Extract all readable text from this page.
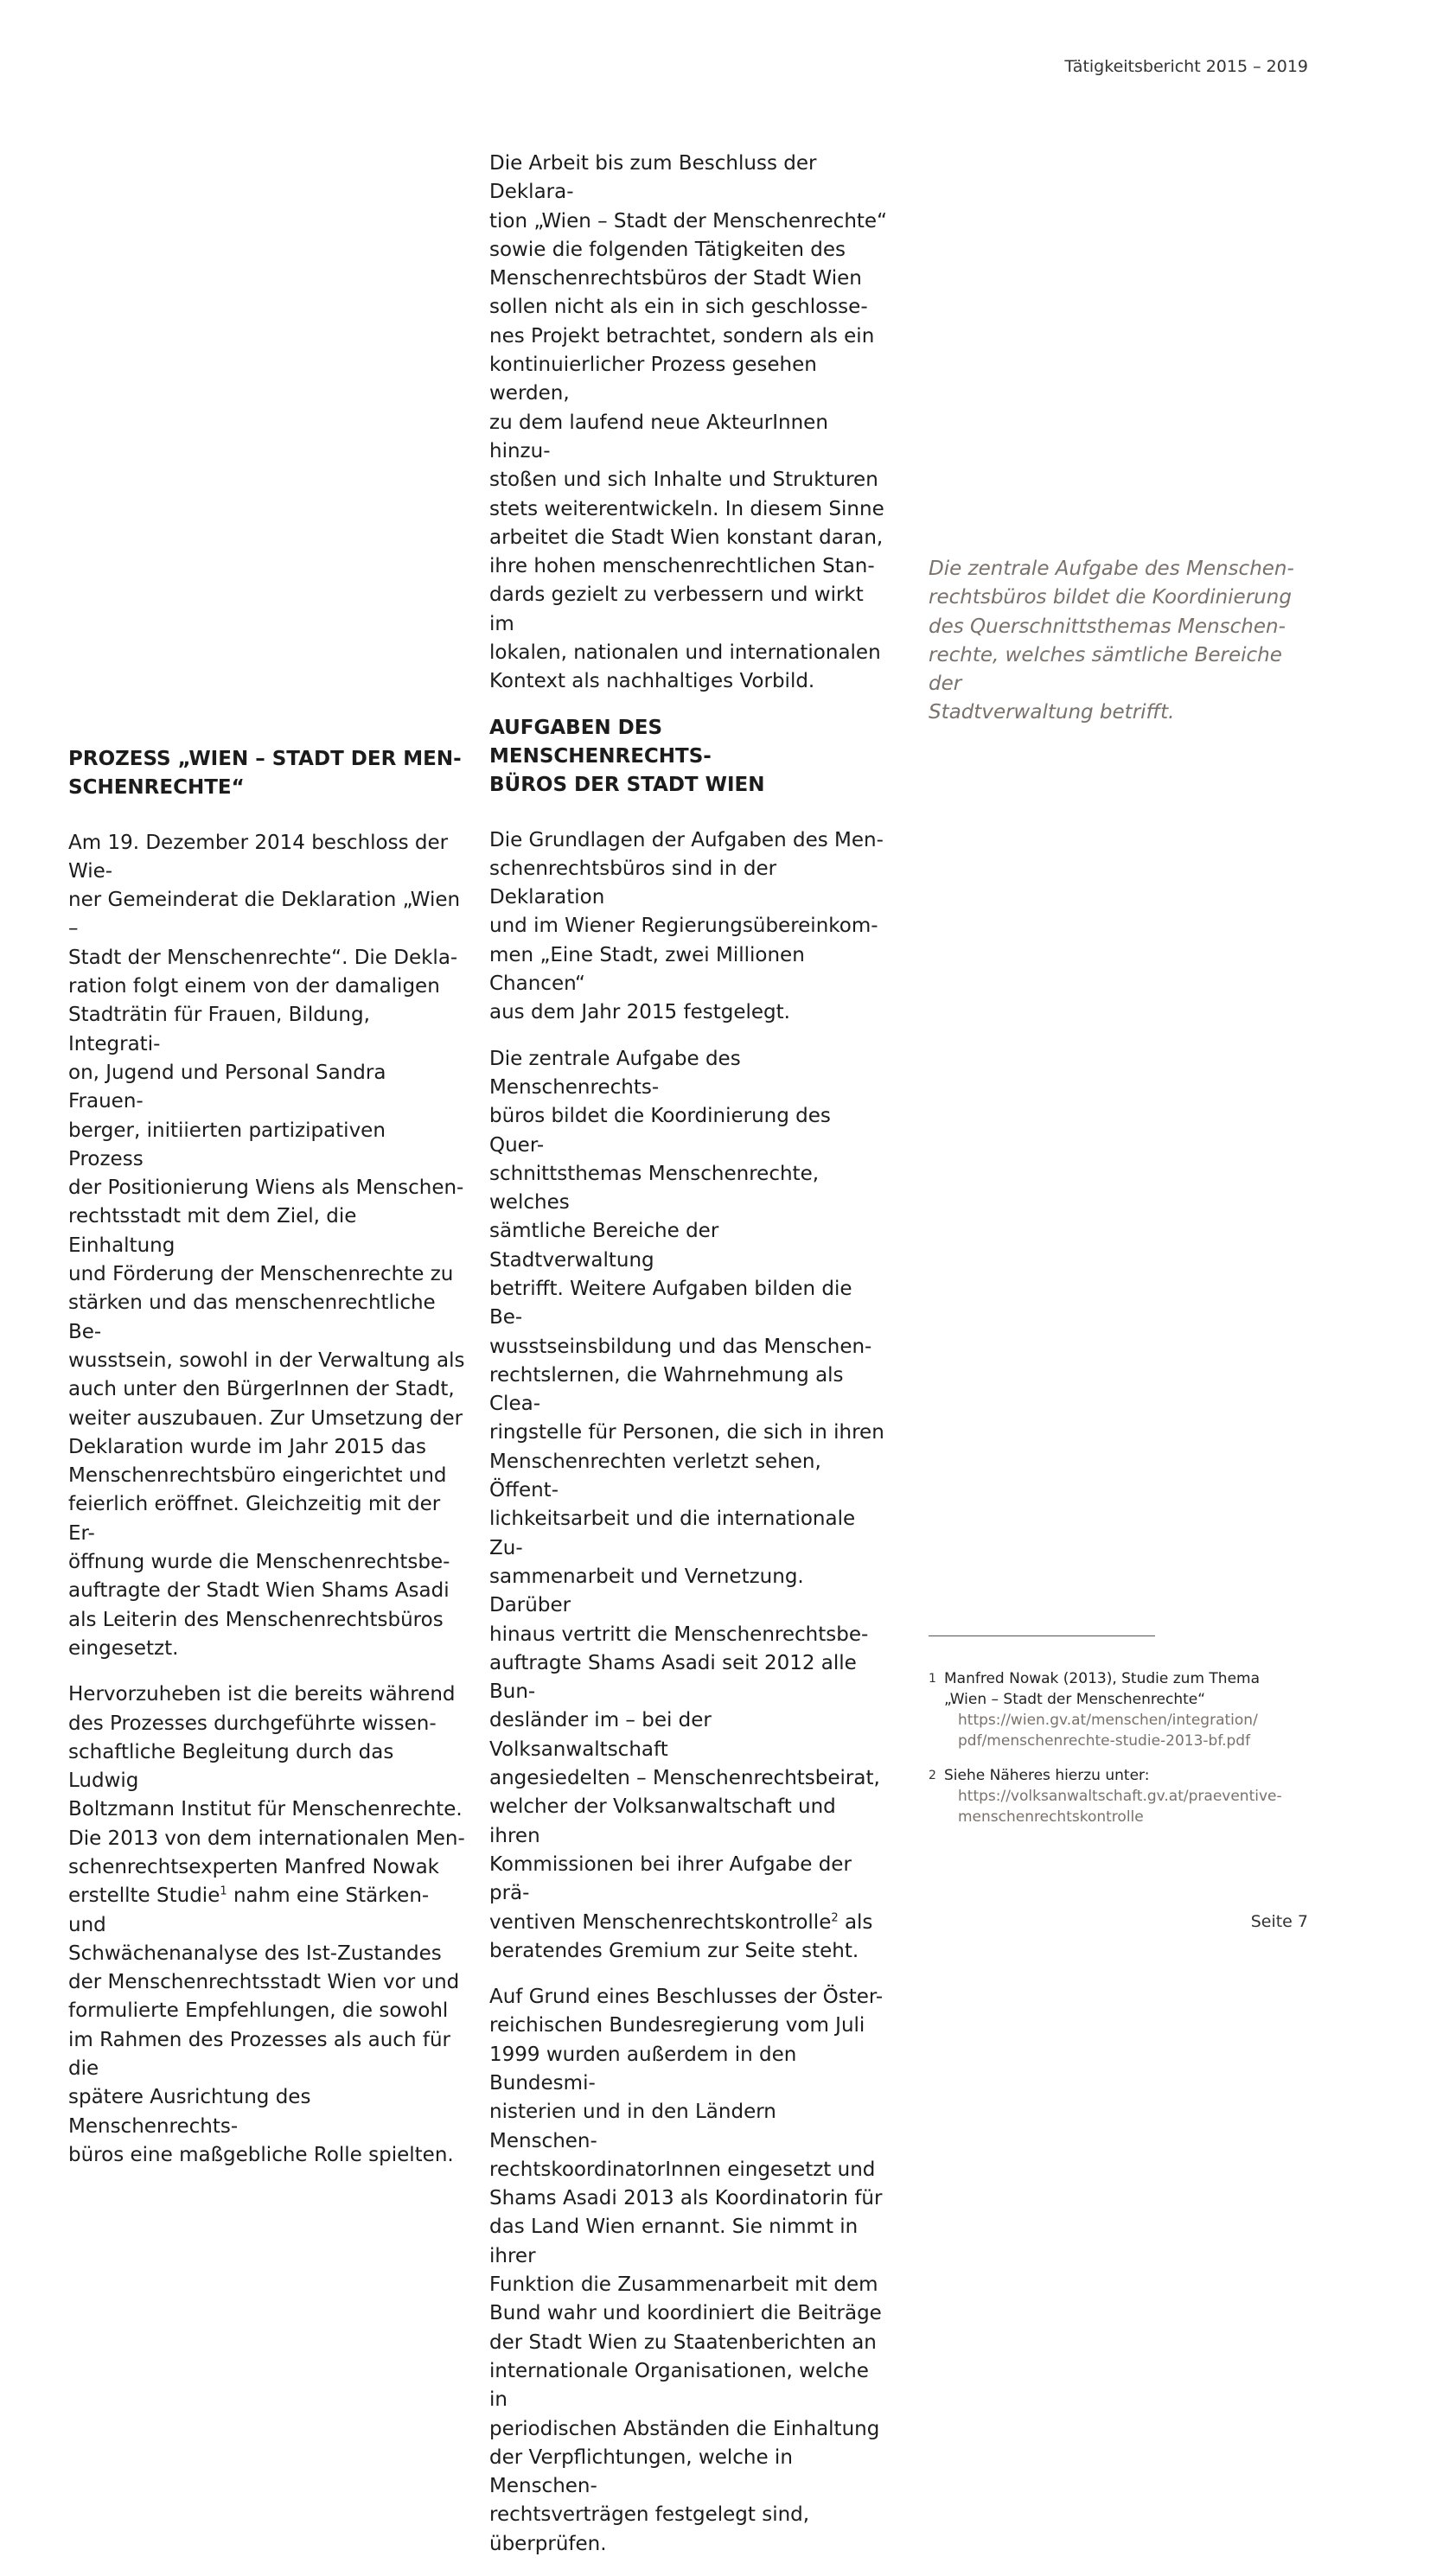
Tätigkeitsbericht 2015 – 2019
PROZESS „WIEN – STADT DER MEN-
SCHENRECHTE“

Am 19. Dezember 2014 beschloss der Wie-
ner Gemeinderat die Deklaration „Wien –
Stadt der Menschenrechte“. Die Dekla-
ration folgt einem von der damaligen
Stadträtin für Frauen, Bildung, Integrati-
on, Jugend und Personal Sandra Frauen-
berger, initiierten partizipativen Prozess
der Positionierung Wiens als Menschen-
rechtsstadt mit dem Ziel, die Einhaltung
und Förderung der Menschenrechte zu
stärken und das menschenrechtliche Be-
wusstsein, sowohl in der Verwaltung als
auch unter den BürgerInnen der Stadt,
weiter auszubauen. Zur Umsetzung der
Deklaration wurde im Jahr 2015 das
Menschenrechtsbüro eingerichtet und
feierlich eröffnet. Gleichzeitig mit der Er-
öffnung wurde die Menschenrechtsbe-
auftragte der Stadt Wien Shams Asadi
als Leiterin des Menschenrechtsbüros
eingesetzt.

Hervorzuheben ist die bereits während
des Prozesses durchgeführte wissen-
schaftliche Begleitung durch das Ludwig
Boltzmann Institut für Menschenrechte.
Die 2013 von dem internationalen Men-
schenrechtsexperten Manfred Nowak
erstellte Studie$^1$ nahm eine Stärken- und
Schwächenanalyse des Ist-Zustandes
der Menschenrechtsstadt Wien vor und
formulierte Empfehlungen, die sowohl
im Rahmen des Prozesses als auch für die
spätere Ausrichtung des Menschenrechts-
büros eine maßgebliche Rolle spielten.

Die Arbeit bis zum Beschluss der Deklara-
tion „Wien – Stadt der Menschenrechte“
sowie die folgenden Tätigkeiten des
Menschenrechtsbüros der Stadt Wien
sollen nicht als ein in sich geschlosse-
nes Projekt betrachtet, sondern als ein
kontinuierlicher Prozess gesehen werden,
zu dem laufend neue AkteurInnen hinzu-
stoßen und sich Inhalte und Strukturen
stets weiterentwickeln. In diesem Sinne
arbeitet die Stadt Wien konstant daran,
ihre hohen menschenrechtlichen Stan-
dards gezielt zu verbessern und wirkt im
lokalen, nationalen und internationalen
Kontext als nachhaltiges Vorbild.

AUFGABEN DES MENSCHENRECHTS-
BÜROS DER STADT WIEN

Die Grundlagen der Aufgaben des Men-
schenrechtsbüros sind in der Deklaration
und im Wiener Regierungsübereinkom-
men „Eine Stadt, zwei Millionen Chancen“
aus dem Jahr 2015 festgelegt.

Die zentrale Aufgabe des Menschenrechts-
büros bildet die Koordinierung des Quer-
schnittsthemas Menschenrechte, welches
sämtliche Bereiche der Stadtverwaltung
betrifft. Weitere Aufgaben bilden die Be-
wusstseinsbildung und das Menschen-
rechtslernen, die Wahrnehmung als Clea-
ringstelle für Personen, die sich in ihren
Menschenrechten verletzt sehen, Öffent-
lichkeitsarbeit und die internationale Zu-
sammenarbeit und Vernetzung. Darüber
hinaus vertritt die Menschenrechtsbe-
auftragte Shams Asadi seit 2012 alle Bun-
desländer im – bei der Volksanwaltschaft
angesiedelten – Menschenrechtsbeirat,
welcher der Volksanwaltschaft und ihren
Kommissionen bei ihrer Aufgabe der prä-
ventiven Menschenrechtskontrolle$^2$ als
beratendes Gremium zur Seite steht.

Auf Grund eines Beschlusses der Öster-
reichischen Bundesregierung vom Juli
1999 wurden außerdem in den Bundesmi-
nisterien und in den Ländern Menschen-
rechtskoordinatorInnen eingesetzt und
Shams Asadi 2013 als Koordinatorin für
das Land Wien ernannt. Sie nimmt in ihrer
Funktion die Zusammenarbeit mit dem
Bund wahr und koordiniert die Beiträge
der Stadt Wien zu Staatenberichten an
internationale Organisationen, welche in
periodischen Abständen die Einhaltung
der Verpflichtungen, welche in Menschen-
rechtsverträgen festgelegt sind, überprüfen.

Die zentrale Aufgabe des Menschen-
rechtsbüros bildet die Koordinierung
des Querschnittsthemas Menschen-
rechte, welches sämtliche Bereiche der
Stadtverwaltung betrifft.

1 Manfred Nowak (2013), Studie zum Thema
„Wien – Stadt der Menschenrechte“
https://wien.gv.at/menschen/integration/
pdf/menschenrechte-studie-2013-bf.pdf
2 Siehe Näheres hierzu unter:
https://volksanwaltschaft.gv.at/praeventive-
menschenrechtskontrolle
Seite 7
